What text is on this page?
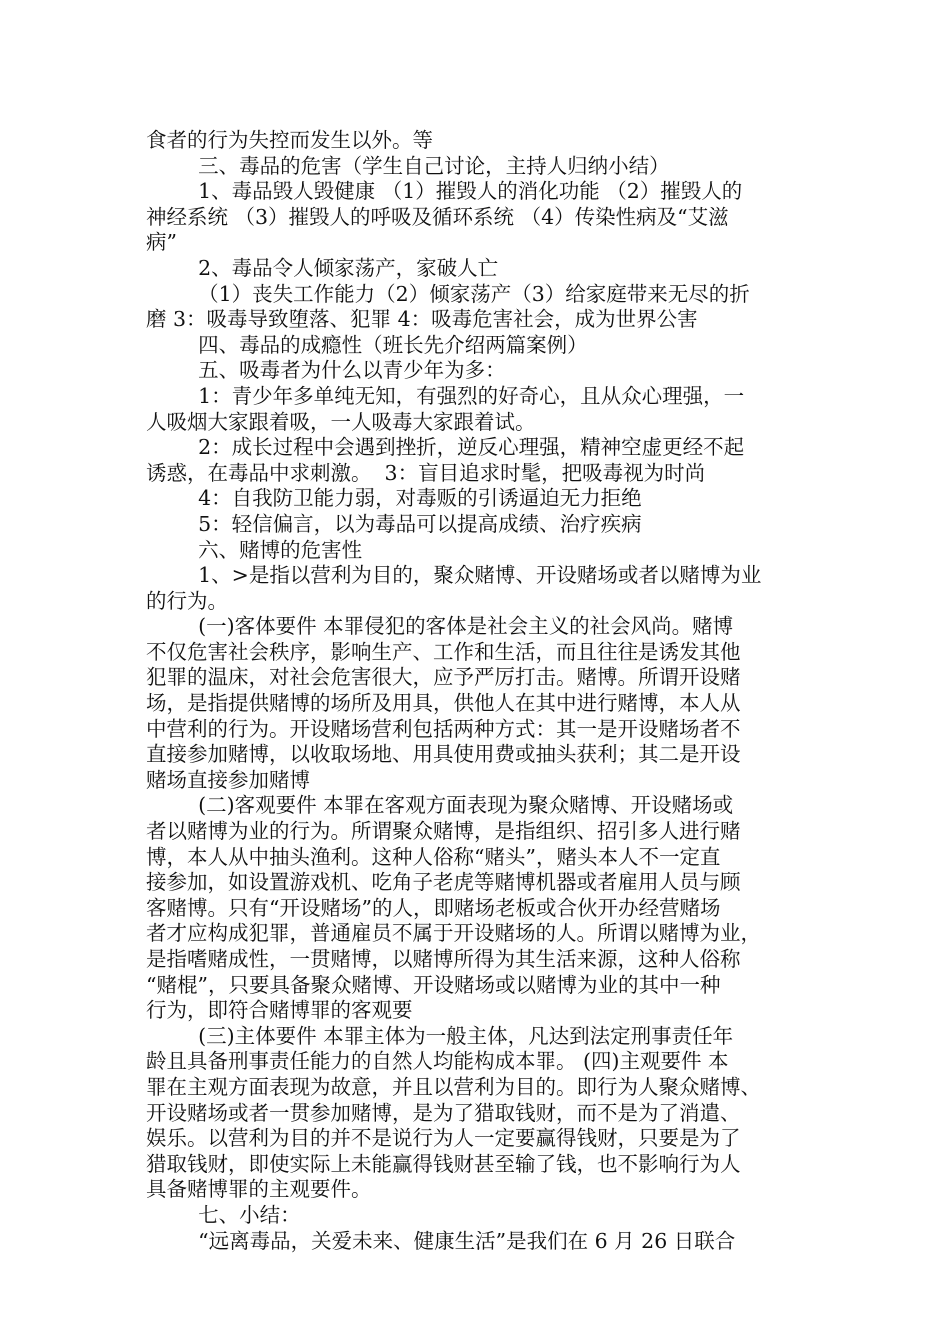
食者的行为失控而发生以外。等
三、毒品的危害（学生自己讨论，主持人归纳小结）
1、毒品毁人毁健康 （1）摧毁人的消化功能 （2）摧毁人的
神经系统 （3）摧毁人的呼吸及循环系统 （4）传染性病及“艾滋
病”
2、毒品令人倾家荡产，家破人亡
（1）丧失工作能力（2）倾家荡产（3）给家庭带来无尽的折
磨 3：吸毒导致堕落、犯罪 4：吸毒危害社会，成为世界公害
四、毒品的成瘾性（班长先介绍两篇案例）
五、吸毒者为什么以青少年为多：
1：青少年多单纯无知，有强烈的好奇心，且从众心理强，一
人吸烟大家跟着吸，一人吸毒大家跟着试。
2：成长过程中会遇到挫折，逆反心理强，精神空虚更经不起
诱惑，在毒品中求刺激。  3：盲目追求时髦，把吸毒视为时尚
4：自我防卫能力弱，对毒贩的引诱逼迫无力拒绝
5：轻信偏言，以为毒品可以提高成绩、治疗疾病
六、赌博的危害性
1、>是指以营利为目的，聚众赌博、开设赌场或者以赌博为业
的行为。
(一)客体要件 本罪侵犯的客体是社会主义的社会风尚。赌博
不仅危害社会秩序，影响生产、工作和生活，而且往往是诱发其他
犯罪的温床，对社会危害很大，应予严厉打击。赌博。所谓开设赌
场，是指提供赌博的场所及用具，供他人在其中进行赌博，本人从
中营利的行为。开设赌场营利包括两种方式：其一是开设赌场者不
直接参加赌博，以收取场地、用具使用费或抽头获利；其二是开设
赌场直接参加赌博
(二)客观要件 本罪在客观方面表现为聚众赌博、开设赌场或
者以赌博为业的行为。所谓聚众赌博，是指组织、招引多人进行赌
博，本人从中抽头渔利。这种人俗称“赌头”，赌头本人不一定直
接参加，如设置游戏机、吃角子老虎等赌博机器或者雇用人员与顾
客赌博。只有“开设赌场”的人，即赌场老板或合伙开办经营赌场
者才应构成犯罪，普通雇员不属于开设赌场的人。所谓以赌博为业，
是指嗜赌成性，一贯赌博，以赌博所得为其生活来源，这种人俗称
“赌棍”，只要具备聚众赌博、开设赌场或以赌博为业的其中一种
行为，即符合赌博罪的客观要
(三)主体要件 本罪主体为一般主体，凡达到法定刑事责任年
龄且具备刑事责任能力的自然人均能构成本罪。 (四)主观要件 本
罪在主观方面表现为故意，并且以营利为目的。即行为人聚众赌博、
开设赌场或者一贯参加赌博，是为了猎取钱财，而不是为了消遣、
娱乐。以营利为目的并不是说行为人一定要赢得钱财，只要是为了
猎取钱财，即使实际上未能赢得钱财甚至输了钱，也不影响行为人
具备赌博罪的主观要件。
七、小结：
“远离毒品，关爱未来、健康生活”是我们在 6 月 26 日联合
